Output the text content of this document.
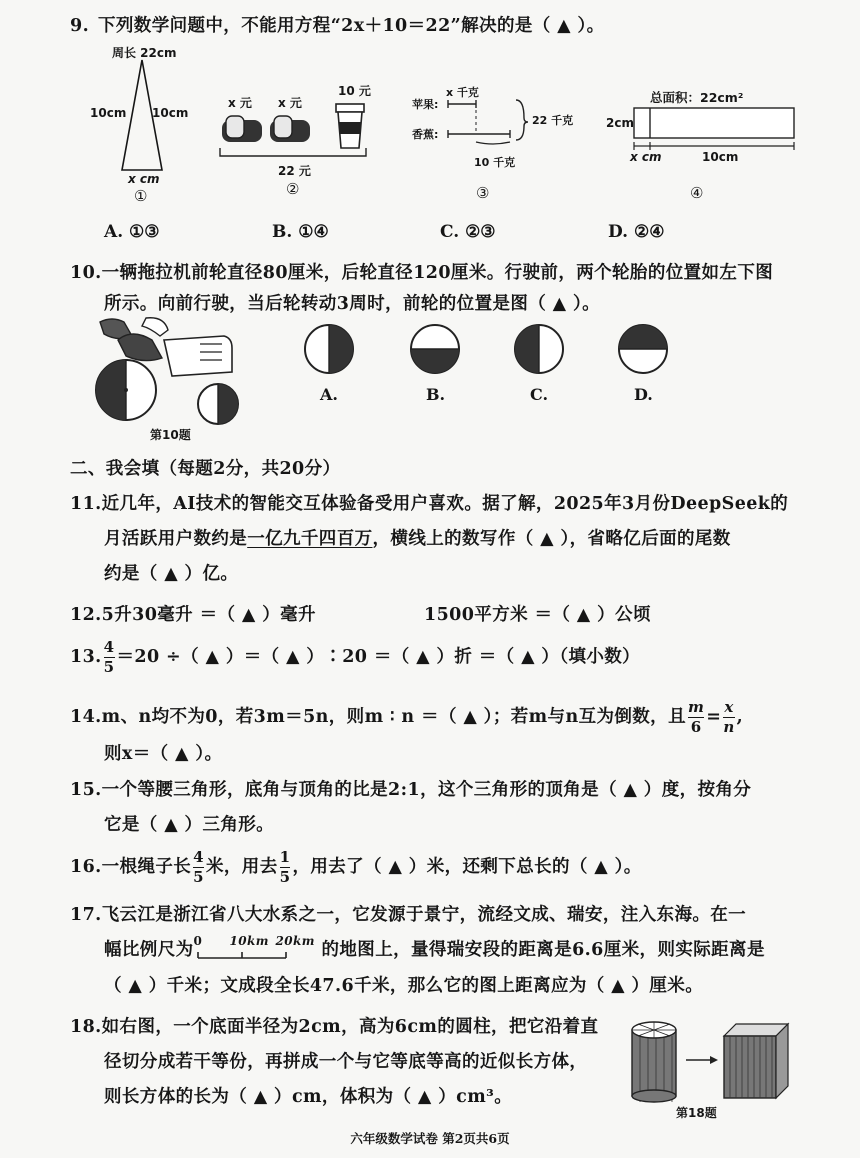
9. 下列数学问题中，不能用方程“2x＋10＝22”解决的是（ ▲ ）。
周长 22cm
10cm 10cm
x cm
①
x 元 x 元
10 元
22 元
②
苹果:
香蕉:
x 千克
22 千克
10 千克
③
总面积：22cm²
2cm
x cm	10cm
④
A. ①③	B. ①④	C. ②③	D. ②④
10.一辆拖拉机前轮直径80厘米，后轮直径120厘米。行驶前，两个轮胎的位置如左下图
所示。向前行驶，当后轮转动3周时，前轮的位置是图（ ▲ ）。
第10题
A.	B.	C.	D.
二、我会填（每题2分，共20分）
11.近几年，AI技术的智能交互体验备受用户喜欢。据了解，2025年3月份DeepSeek的
月活跃用户数约是一亿九千四百万，横线上的数写作（ ▲ ），省略亿后面的尾数
约是（ ▲ ）亿。
12.5升30毫升 ＝（ ▲ ）毫升	1500平方米 ＝（ ▲ ）公顷
13. $\frac{4}{5} =20$ ÷（ ▲ ）＝（ ▲ ）∶20 ＝（ ▲ ）折 ＝（ ▲ ）（填小数）
14.m、n均不为0，若3m＝5n，则m ∶ n ＝（ ▲ ）；若m与n互为倒数，且 $\frac{m}{6} = \frac{x}{n}$ ,
则x＝（ ▲ ）。
15.一个等腰三角形，底角与顶角的比是2:1，这个三角形的顶角是（ ▲ ）度，按角分
它是（ ▲ ）三角形。
16.一根绳子长 $\frac{4}{5}$ 米，用去 $\frac{1}{5}$ ，用去了（ ▲ ）米，还剩下总长的（ ▲ ）。
17.飞云江是浙江省八大水系之一，它发源于景宁，流经文成、瑞安，注入东海。在一
幅比例尺为 0 10km 20km 的地图上，量得瑞安段的距离是6.6厘米，则实际距离是
（ ▲ ）千米；文成段全长47.6千米，那么它的图上距离应为（ ▲ ）厘米。
18.如右图，一个底面半径为2cm，高为6cm的圆柱，把它沿着直
径切分成若干等份，再拼成一个与它等底等高的近似长方体，
则长方体的长为（ ▲ ）cm，体积为（ ▲ ）cm³。
第18题
六年级数学试卷 第2页共6页
